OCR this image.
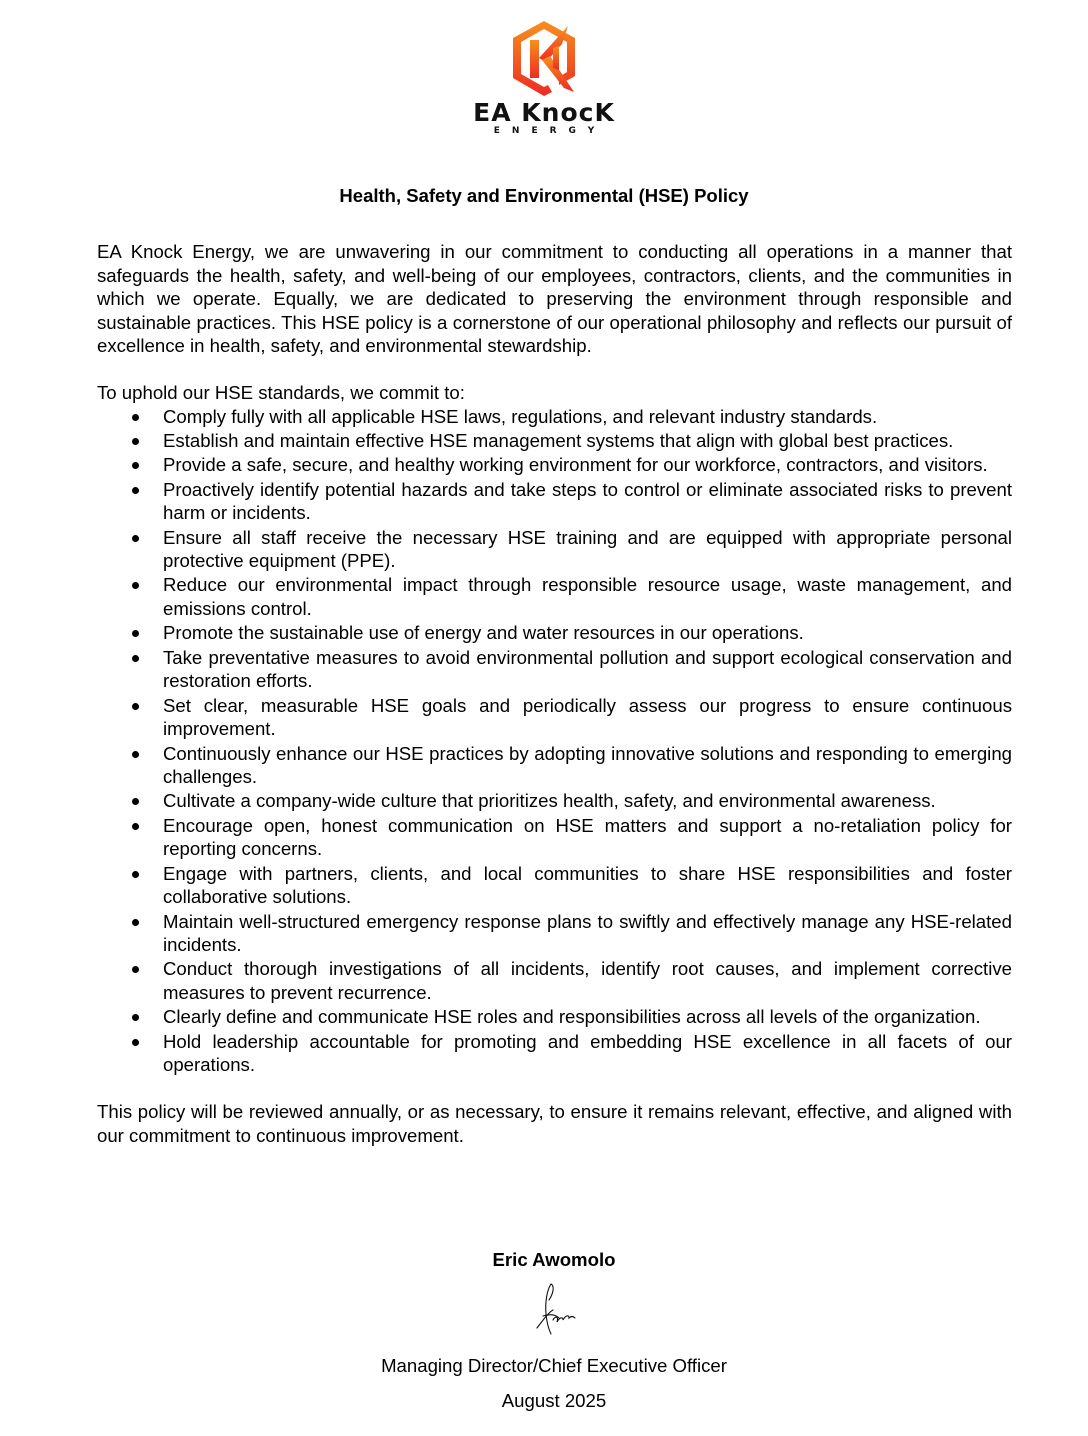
EA KnocK
ENERGY
Health, Safety and Environmental (HSE) Policy

EA Knock Energy, we are unwavering in our commitment to conducting all operations in a manner that safeguards the health, safety, and well-being of our employees, contractors, clients, and the communities in which we operate. Equally, we are dedicated to preserving the environment through responsible and sustainable practices. This HSE policy is a cornerstone of our operational philosophy and reflects our pursuit of excellence in health, safety, and environmental stewardship.

To uphold our HSE standards, we commit to:

Comply fully with all applicable HSE laws, regulations, and relevant industry standards.
Establish and maintain effective HSE management systems that align with global best practices.
Provide a safe, secure, and healthy working environment for our workforce, contractors, and visitors.
Proactively identify potential hazards and take steps to control or eliminate associated risks to prevent harm or incidents.
Ensure all staff receive the necessary HSE training and are equipped with appropriate personal protective equipment (PPE).
Reduce our environmental impact through responsible resource usage, waste management, and emissions control.
Promote the sustainable use of energy and water resources in our operations.
Take preventative measures to avoid environmental pollution and support ecological conservation and restoration efforts.
Set clear, measurable HSE goals and periodically assess our progress to ensure continuous improvement.
Continuously enhance our HSE practices by adopting innovative solutions and responding to emerging challenges.
Cultivate a company-wide culture that prioritizes health, safety, and environmental awareness.
Encourage open, honest communication on HSE matters and support a no-retaliation policy for reporting concerns.
Engage with partners, clients, and local communities to share HSE responsibilities and foster collaborative solutions.
Maintain well-structured emergency response plans to swiftly and effectively manage any HSE-related incidents.
Conduct thorough investigations of all incidents, identify root causes, and implement corrective measures to prevent recurrence.
Clearly define and communicate HSE roles and responsibilities across all levels of the organization.
Hold leadership accountable for promoting and embedding HSE excellence in all facets of our operations.

This policy will be reviewed annually, or as necessary, to ensure it remains relevant, effective, and aligned with our commitment to continuous improvement.

Eric Awomolo
Managing Director/Chief Executive Officer
August 2025
